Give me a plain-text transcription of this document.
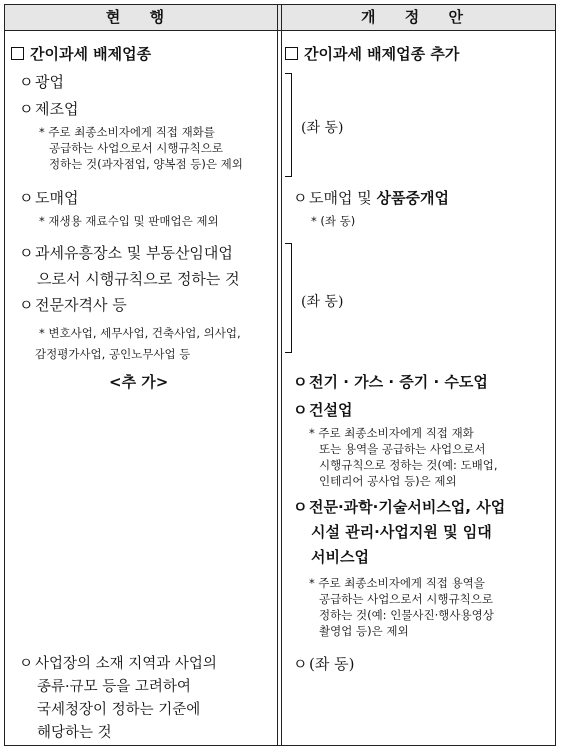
현 행	개 정 안
간이과세 배제업종
ㅇ 광업
ㅇ 제조업
* 주로 최종소비자에게 직접 재화를
공급하는 사업으로서 시행규칙으로
정하는 것(과자점업, 양복점 등)은 제외
ㅇ 도매업
* 재생용 재료수입 및 판매업은 제외
ㅇ 과세유흥장소 및 부동산임대업
으로서 시행규칙으로 정하는 것
ㅇ 전문자격사 등
* 변호사업, 세무사업, 건축사업, 의사업,
감정평가사업, 공인노무사업 등
<추 가>
ㅇ 사업장의 소재 지역과 사업의
종류·규모 등을 고려하여
국세청장이 정하는 기준에
해당하는 것
간이과세 배제업종 추가
(좌 동)
ㅇ 도매업 및 상품중개업
* (좌 동)
(좌 동)
ㅇ 전기 · 가스 · 증기 · 수도업
ㅇ 건설업
* 주로 최종소비자에게 직접 재화
또는 용역을 공급하는 사업으로서
시행규칙으로 정하는 것(예: 도배업,
인테리어 공사업 등)은 제외
ㅇ 전문·과학·기술서비스업, 사업
시설 관리·사업지원 및 임대
서비스업
* 주로 최종소비자에게 직접 용역을
공급하는 사업으로서 시행규칙으로
정하는 것(예: 인물사진·행사용영상
촬영업 등)은 제외
ㅇ (좌 동)
